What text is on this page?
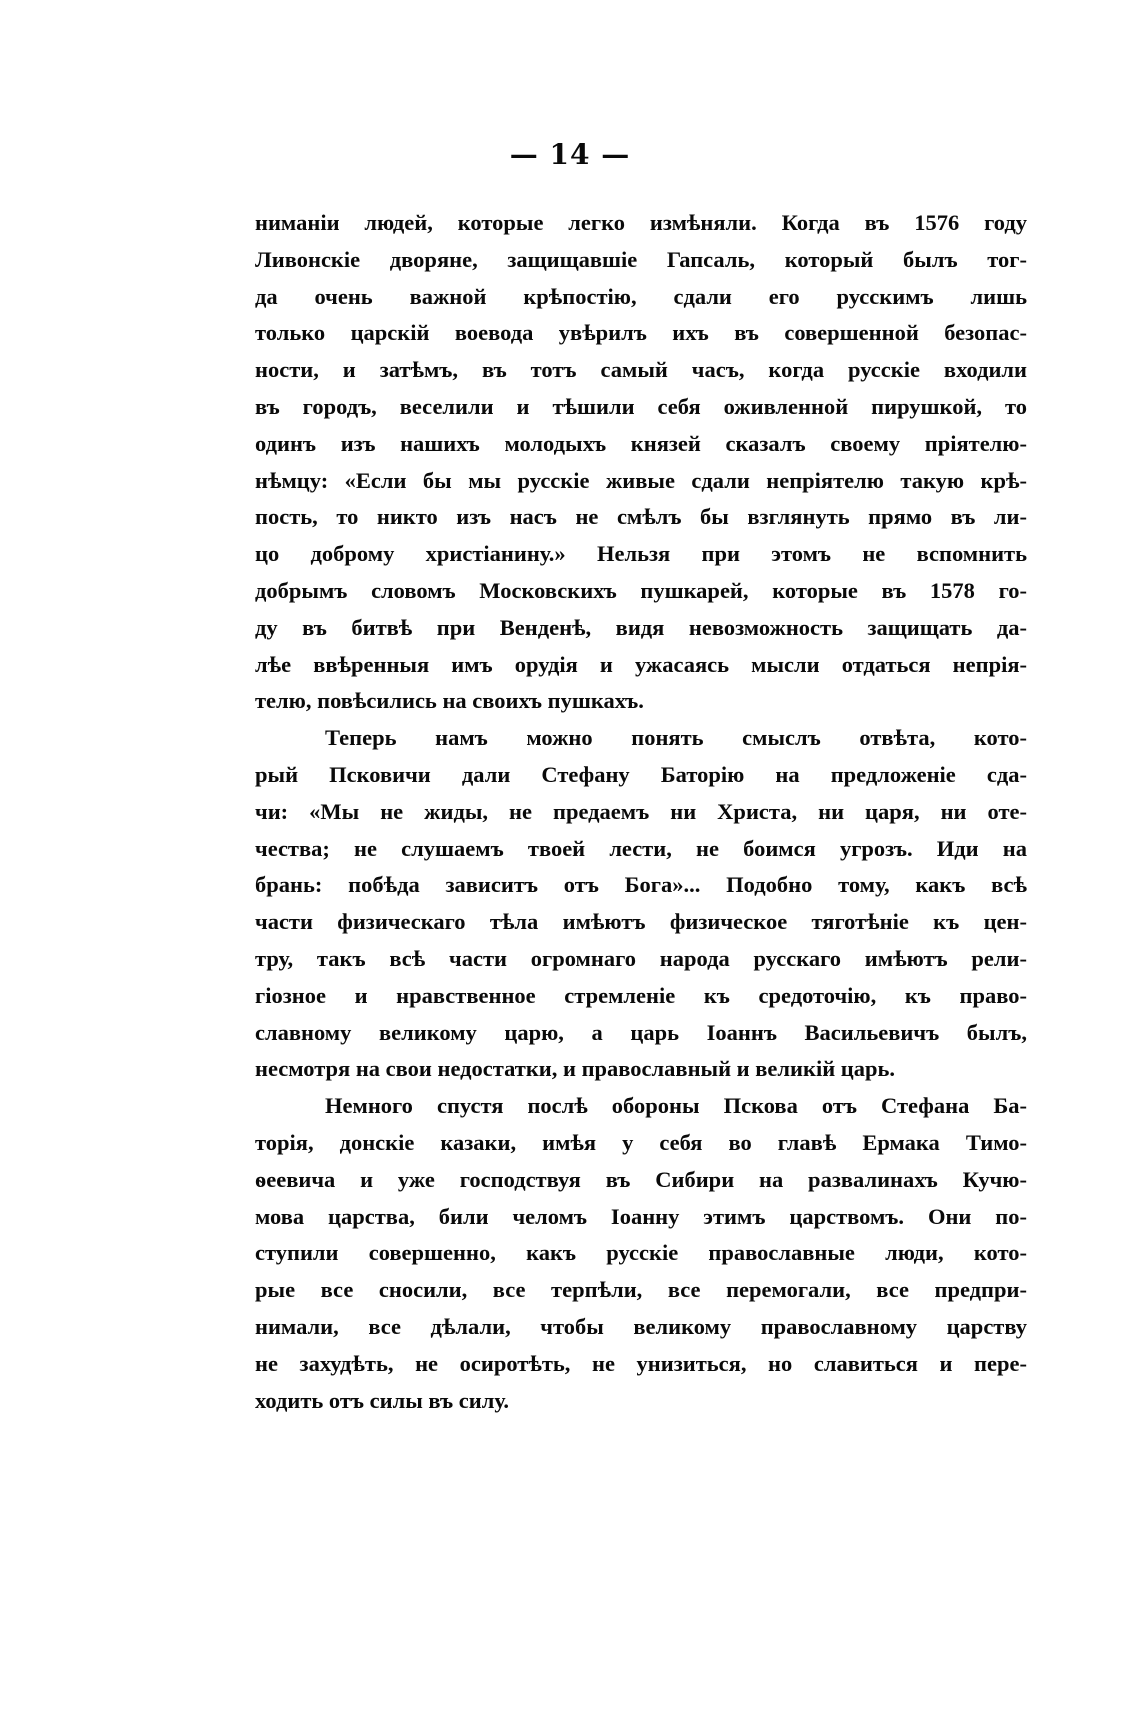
— 14 —
ниманіи людей, которые легко измѣняли. Когда въ 1576 году
Ливонскіе дворяне, защищавшіе Гапсаль, который былъ тог-
да очень важной крѣпостію, сдали его русскимъ лишь
только царскій воевода увѣрилъ ихъ въ совершенной безопас-
ности, и затѣмъ, въ тотъ самый часъ, когда русскіе входили
въ городъ, веселили и тѣшили себя оживленной пирушкой, то
одинъ изъ нашихъ молодыхъ князей сказалъ своему пріятелю-
нѣмцу: «Если бы мы русскіе живые сдали непріятелю такую крѣ-
пость, то никто изъ насъ не смѣлъ бы взглянуть прямо въ ли-
цо доброму христіанину.» Нельзя при этомъ не вспомнить
добрымъ словомъ Московскихъ пушкарей, которые въ 1578 го-
ду въ битвѣ при Венденѣ, видя невозможность защищать да-
лѣе ввѣренныя имъ орудія и ужасаясь мысли отдаться непрія-
телю, повѣсились на своихъ пушкахъ.
Теперь намъ можно понять смыслъ отвѣта, кото-
рый Псковичи дали Стефану Баторію на предложеніе сда-
чи: «Мы не жиды, не предаемъ ни Христа, ни царя, ни оте-
чества; не слушаемъ твоей лести, не боимся угрозъ. Иди на
брань: побѣда зависитъ отъ Бога»... Подобно тому, какъ всѣ
части физическаго тѣла имѣютъ физическое тяготѣніе къ цен-
тру, такъ всѣ части огромнаго народа русскаго имѣютъ рели-
гіозное и нравственное стремленіе къ средоточію, къ право-
славному великому царю, а царь Іоаннъ Васильевичъ былъ,
несмотря на свои недостатки, и православный и великій царь.
Немного спустя послѣ обороны Пскова отъ Стефана Ба-
торія, донскіе казаки, имѣя у себя во главѣ Ермака Тимо-
ѳеевича и уже господствуя въ Сибири на развалинахъ Кучю-
мова царства, били челомъ Іоанну этимъ царствомъ. Они по-
ступили совершенно, какъ русскіе православные люди, кото-
рые все сносили, все терпѣли, все перемогали, все предпри-
нимали, все дѣлали, чтобы великому православному царству
не захудѣть, не осиротѣть, не унизиться, но славиться и пере-
ходить отъ силы въ силу.
